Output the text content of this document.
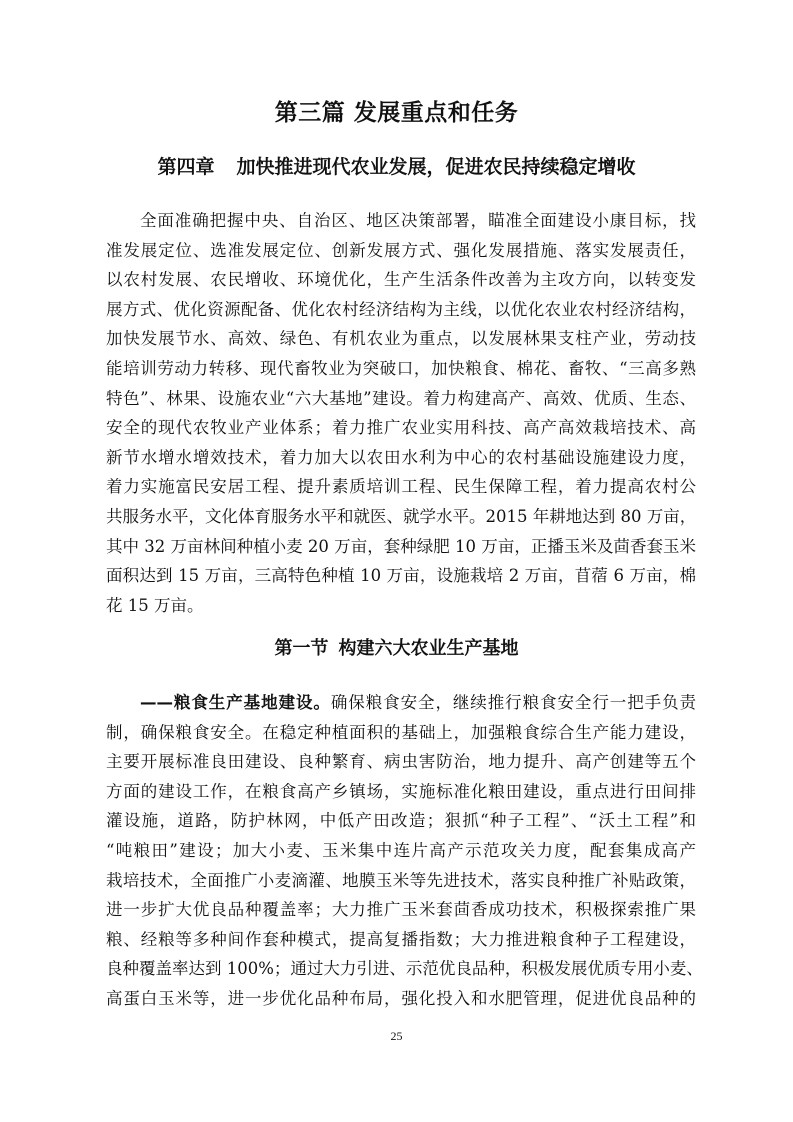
第三篇 发展重点和任务
第四章 加快推进现代农业发展，促进农民持续稳定增收
全面准确把握中央、自治区、地区决策部署，瞄准全面建设小康目标，找
准发展定位、选准发展定位、创新发展方式、强化发展措施、落实发展责任，
以农村发展、农民增收、环境优化，生产生活条件改善为主攻方向，以转变发
展方式、优化资源配备、优化农村经济结构为主线，以优化农业农村经济结构，
加快发展节水、高效、绿色、有机农业为重点，以发展林果支柱产业，劳动技
能培训劳动力转移、现代畜牧业为突破口，加快粮食、棉花、畜牧、“三高多熟
特色”、林果、设施农业“六大基地”建设。着力构建高产、高效、优质、生态、
安全的现代农牧业产业体系；着力推广农业实用科技、高产高效栽培技术、高
新节水增水增效技术，着力加大以农田水利为中心的农村基础设施建设力度，
着力实施富民安居工程、提升素质培训工程、民生保障工程，着力提高农村公
共服务水平，文化体育服务水平和就医、就学水平。2015 年耕地达到 80 万亩，
其中 32 万亩林间种植小麦 20 万亩，套种绿肥 10 万亩，正播玉米及茴香套玉米
面积达到 15 万亩，三高特色种植 10 万亩，设施栽培 2 万亩，苜蓿 6 万亩，棉
花 15 万亩。
第一节 构建六大农业生产基地
——粮食生产基地建设。确保粮食安全，继续推行粮食安全行一把手负责
制，确保粮食安全。在稳定种植面积的基础上，加强粮食综合生产能力建设，
主要开展标准良田建设、良种繁育、病虫害防治，地力提升、高产创建等五个
方面的建设工作，在粮食高产乡镇场，实施标准化粮田建设，重点进行田间排
灌设施，道路，防护林网，中低产田改造；狠抓“种子工程”、“沃土工程”和
“吨粮田”建设；加大小麦、玉米集中连片高产示范攻关力度，配套集成高产
栽培技术，全面推广小麦滴灌、地膜玉米等先进技术，落实良种推广补贴政策，
进一步扩大优良品种覆盖率；大力推广玉米套茴香成功技术，积极探索推广果
粮、经粮等多种间作套种模式，提高复播指数；大力推进粮食种子工程建设，
良种覆盖率达到 100%；通过大力引进、示范优良品种，积极发展优质专用小麦、
高蛋白玉米等，进一步优化品种布局，强化投入和水肥管理，促进优良品种的
25
